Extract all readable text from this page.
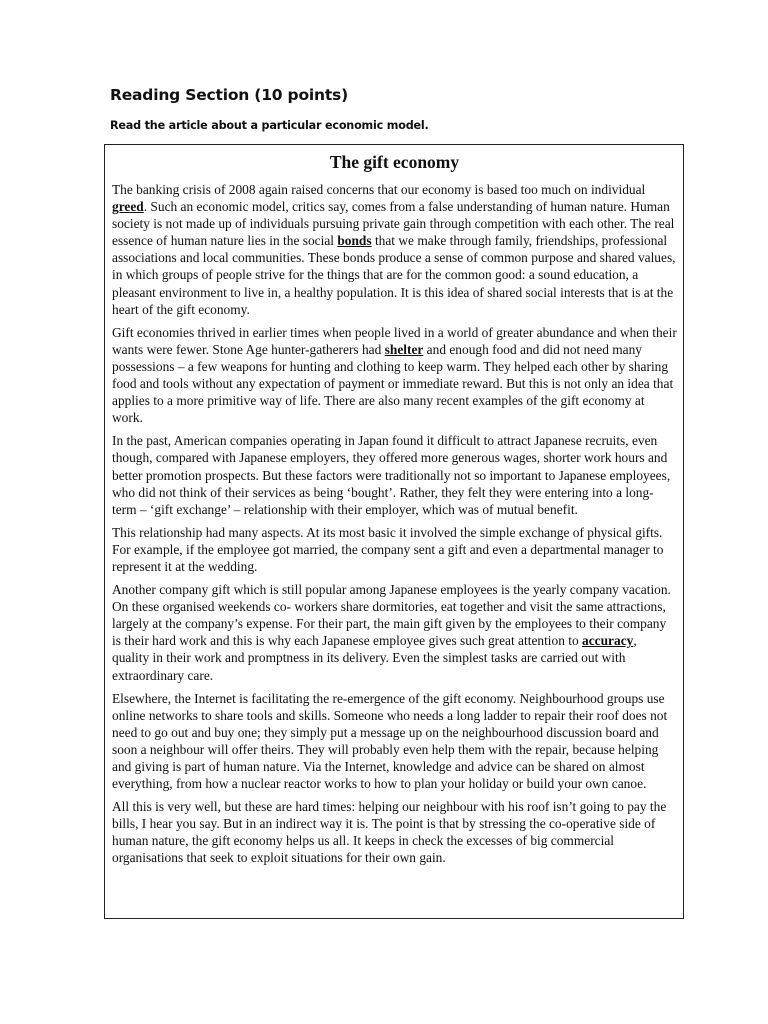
Reading Section (10 points)
Read the article about a particular economic model.
The gift economy

The banking crisis of 2008 again raised concerns that our economy is based too much on individual greed. Such an economic model, critics say, comes from a false understanding of human nature. Human society is not made up of individuals pursuing private gain through competition with each other. The real essence of human nature lies in the social bonds that we make through family, friendships, professional associations and local communities. These bonds produce a sense of common purpose and shared values, in which groups of people strive for the things that are for the common good: a sound education, a pleasant environment to live in, a healthy population. It is this idea of shared social interests that is at the heart of the gift economy.

Gift economies thrived in earlier times when people lived in a world of greater abundance and when their wants were fewer. Stone Age hunter-gatherers had shelter and enough food and did not need many possessions – a few weapons for hunting and clothing to keep warm. They helped each other by sharing food and tools without any expectation of payment or immediate reward. But this is not only an idea that applies to a more primitive way of life. There are also many recent examples of the gift economy at work.

In the past, American companies operating in Japan found it difficult to attract Japanese recruits, even though, compared with Japanese employers, they offered more generous wages, shorter work hours and better promotion prospects. But these factors were traditionally not so important to Japanese employees, who did not think of their services as being ‘bought’. Rather, they felt they were entering into a long-term – ‘gift exchange’ – relationship with their employer, which was of mutual benefit.

This relationship had many aspects. At its most basic it involved the simple exchange of physical gifts. For example, if the employee got married, the company sent a gift and even a departmental manager to represent it at the wedding.

Another company gift which is still popular among Japanese employees is the yearly company vacation. On these organised weekends co- workers share dormitories, eat together and visit the same attractions, largely at the company’s expense. For their part, the main gift given by the employees to their company is their hard work and this is why each Japanese employee gives such great attention to accuracy, quality in their work and promptness in its delivery. Even the simplest tasks are carried out with extraordinary care.

Elsewhere, the Internet is facilitating the re-emergence of the gift economy. Neighbourhood groups use online networks to share tools and skills. Someone who needs a long ladder to repair their roof does not need to go out and buy one; they simply put a message up on the neighbourhood discussion board and soon a neighbour will offer theirs. They will probably even help them with the repair, because helping and giving is part of human nature. Via the Internet, knowledge and advice can be shared on almost everything, from how a nuclear reactor works to how to plan your holiday or build your own canoe.

All this is very well, but these are hard times: helping our neighbour with his roof isn’t going to pay the bills, I hear you say. But in an indirect way it is. The point is that by stressing the co-operative side of human nature, the gift economy helps us all. It keeps in check the excesses of big commercial organisations that seek to exploit situations for their own gain.
